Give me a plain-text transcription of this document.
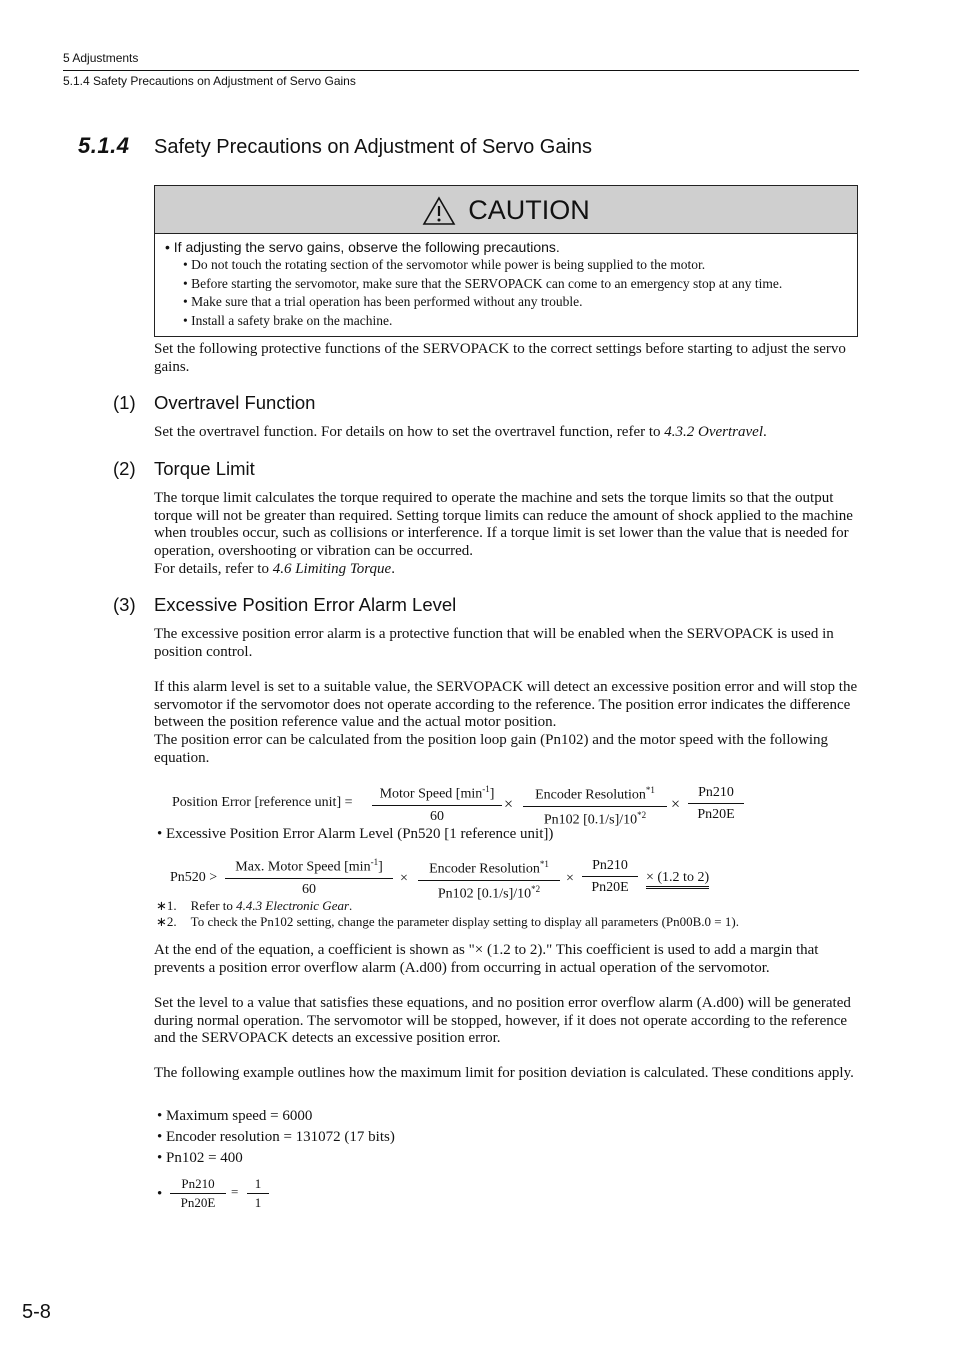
5 Adjustments
5.1.4 Safety Precautions on Adjustment of Servo Gains
5.1.4 Safety Precautions on Adjustment of Servo Gains
CAUTION
• If adjusting the servo gains, observe the following precautions.
• Do not touch the rotating section of the servomotor while power is being supplied to the motor.
• Before starting the servomotor, make sure that the SERVOPACK can come to an emergency stop at any time.
• Make sure that a trial operation has been performed without any trouble.
• Install a safety brake on the machine.
Set the following protective functions of the SERVOPACK to the correct settings before starting to adjust the servo gains.
(1) Overtravel Function
Set the overtravel function. For details on how to set the overtravel function, refer to 4.3.2 Overtravel.
(2) Torque Limit
The torque limit calculates the torque required to operate the machine and sets the torque limits so that the output torque will not be greater than required. Setting torque limits can reduce the amount of shock applied to the machine when troubles occur, such as collisions or interference. If a torque limit is set lower than the value that is needed for operation, overshooting or vibration can be occurred.
For details, refer to 4.6 Limiting Torque.
(3) Excessive Position Error Alarm Level
The excessive position error alarm is a protective function that will be enabled when the SERVOPACK is used in position control.
If this alarm level is set to a suitable value, the SERVOPACK will detect an excessive position error and will stop the servomotor if the servomotor does not operate according to the reference. The position error indicates the difference between the position reference value and the actual motor position.
The position error can be calculated from the position loop gain (Pn102) and the motor speed with the following equation.
Position Error [reference unit] =
Motor Speed $[\min^{-1}]$
60
×
Encoder Resolution$^{*1}$
Pn102 $[0.1/s]/10^{*2}$
× $\frac{Pn210}{Pn20E}$
• Excessive Position Error Alarm Level (Pn520 [1 reference unit])
Pn520 >
Max. Motor Speed $[\min^{-1}]$
60
×
Encoder Resolution$^{*1}$
Pn102 $[0.1/s]/10^{*2}$
× $\frac{Pn210}{Pn20E} \times (1.2$ to 2)
∗1. Refer to 4.4.3 Electronic Gear.
∗2. To check the Pn102 setting, change the parameter display setting to display all parameters (Pn00B.0 = 1).
At the end of the equation, a coefficient is shown as "× (1.2 to 2)." This coefficient is used to add a margin that prevents a position error overflow alarm (A.d00) from occurring in actual operation of the servomotor.
Set the level to a value that satisfies these equations, and no position error overflow alarm (A.d00) will be generated during normal operation. The servomotor will be stopped, however, if it does not operate according to the reference and the SERVOPACK detects an excessive position error.
The following example outlines how the maximum limit for position deviation is calculated. These conditions apply.
• Maximum speed = 6000
• Encoder resolution = 131072 (17 bits)
• Pn102 = 400
• $\frac{Pn210}{Pn20E} = \frac{1}{1}$
5-8
